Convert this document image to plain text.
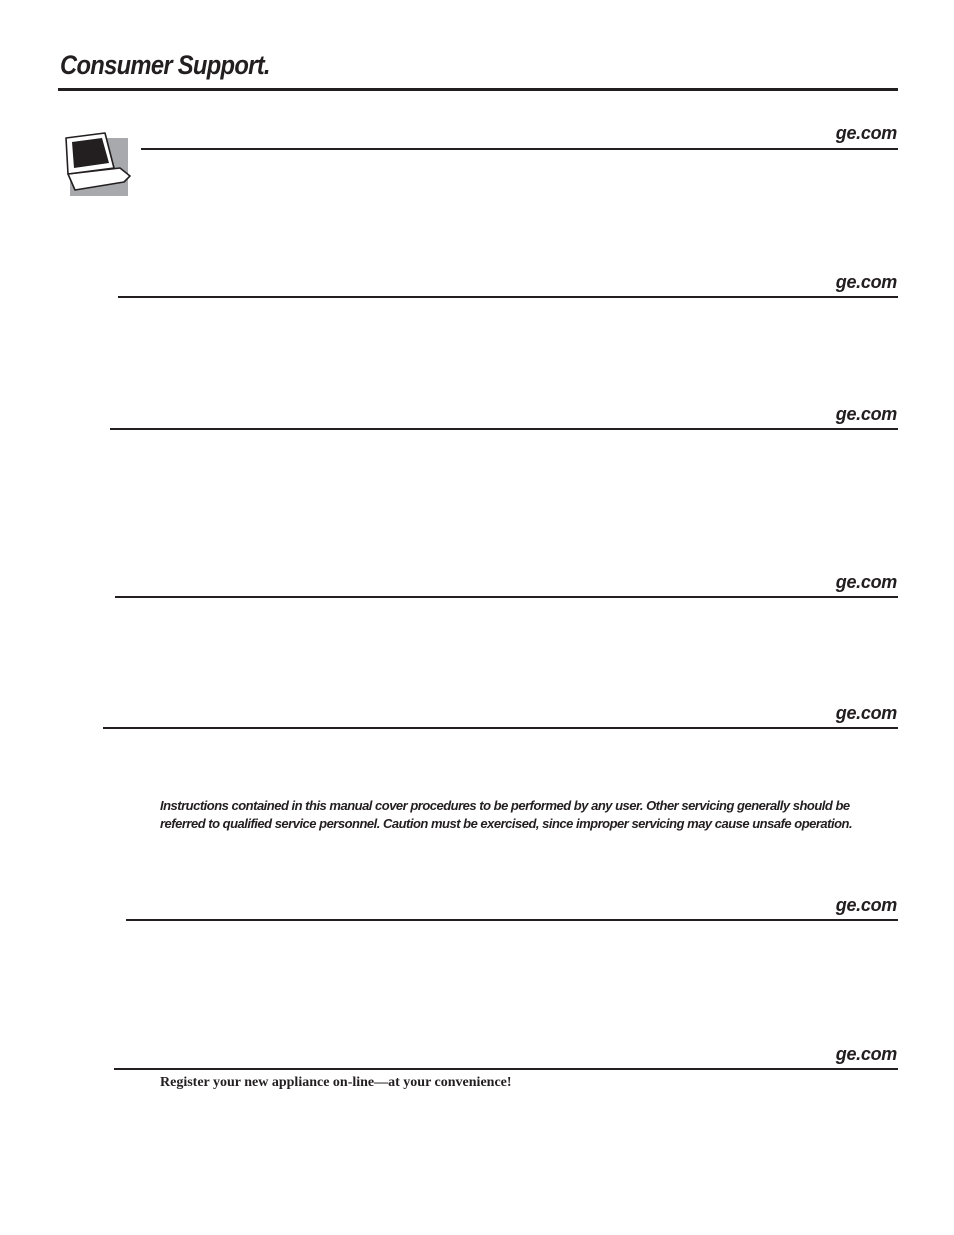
Consumer Support.
ge.com
ge.com
ge.com
ge.com
ge.com

Instructions contained in this manual cover procedures to be performed by any user. Other servicing generally should be referred to qualified service personnel. Caution must be exercised, since improper servicing may cause unsafe operation.

ge.com
ge.com

Register your new appliance on-line—at your convenience!
